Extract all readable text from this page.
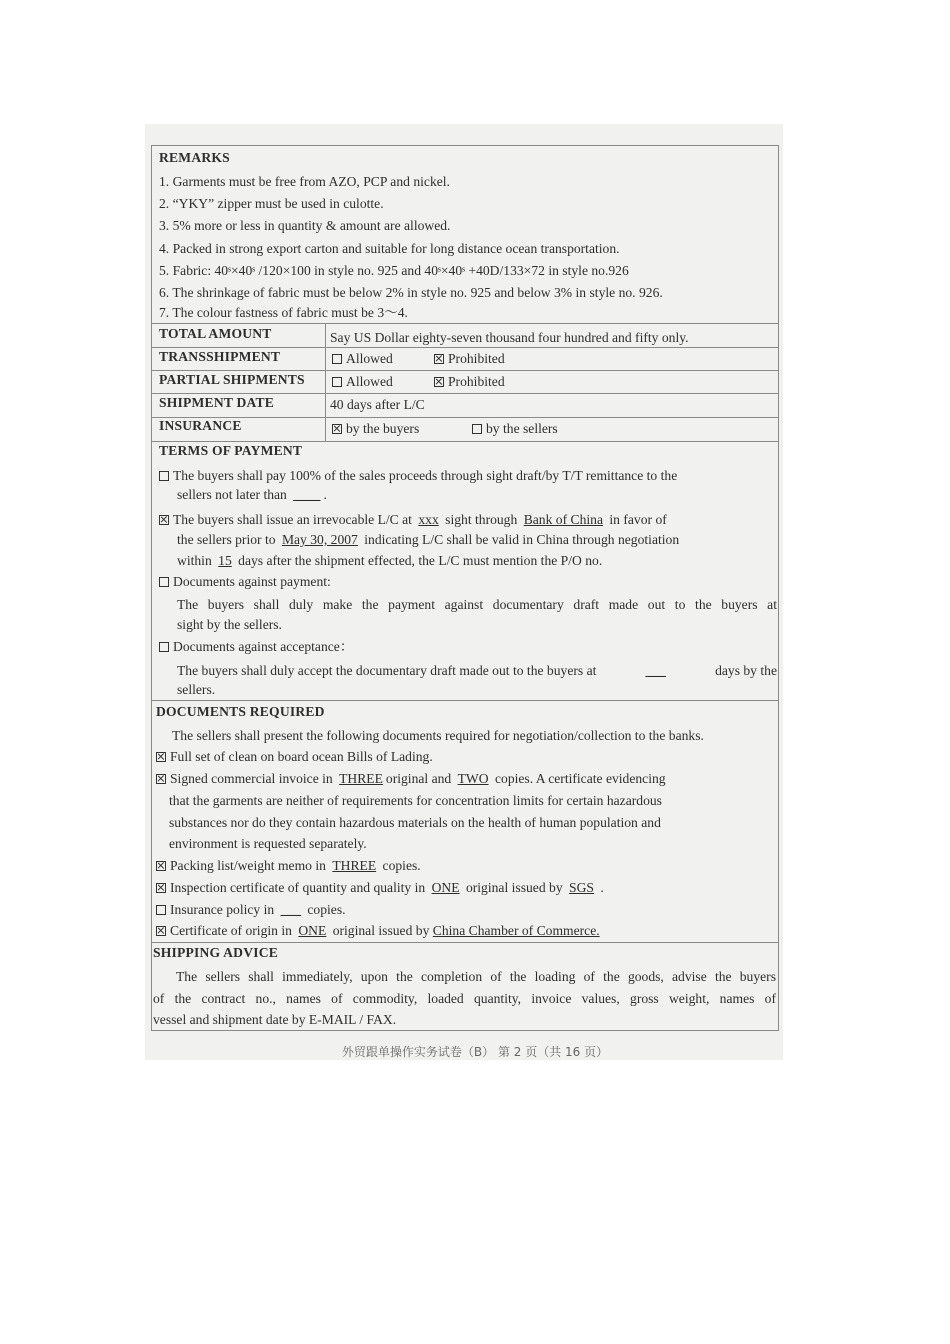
REMARKS
1. Garments must be free from AZO, PCP and nickel.
2. “YKY” zipper must be used in culotte.
3. 5% more or less in quantity & amount are allowed.
4. Packed in strong export carton and suitable for long distance ocean transportation.
5. Fabric: 40ˢ×40ˢ /120×100 in style no. 925 and 40ˢ×40ˢ +40D/133×72 in style no.926
6. The shrinkage of fabric must be below 2% in style no. 925 and below 3% in style no. 926.
7. The colour fastness of fabric must be 3～4.
TOTAL AMOUNT	Say US Dollar eighty-seven thousand four hundred and fifty only.
TRANSSHIPMENT	Allowed	Prohibited
PARTIAL SHIPMENTS	Allowed	Prohibited
SHIPMENT DATE	40 days after L/C
INSURANCE	by the buyers	by the sellers
TERMS OF PAYMENT
The buyers shall pay 100% of the sales proceeds through sight draft/by T/T remittance to the
sellers not later than ____ .
The buyers shall issue an irrevocable L/C at xxx sight through Bank of China in favor of
the sellers prior to May 30, 2007 indicating L/C shall be valid in China through negotiation
within 15 days after the shipment effected, the L/C must mention the P/O no.
Documents against payment:
The buyers shall duly make the payment against documentary draft made out to the buyers at
sight by the sellers.
Documents against acceptance：
The buyers shall duly accept the documentary draft made out to the buyers at	___	days by the
sellers.
DOCUMENTS REQUIRED
The sellers shall present the following documents required for negotiation/collection to the banks.
Full set of clean on board ocean Bills of Lading.
Signed commercial invoice in THREE original and TWO copies. A certificate evidencing
that the garments are neither of requirements for concentration limits for certain hazardous
substances nor do they contain hazardous materials on the health of human population and
environment is requested separately.
Packing list/weight memo in THREE copies.
Inspection certificate of quantity and quality in ONE original issued by SGS .
Insurance policy in ___ copies.
Certificate of origin in ONE original issued by China Chamber of Commerce.
SHIPPING ADVICE
The sellers shall immediately, upon the completion of the loading of the goods, advise the buyers
of the contract no., names of commodity, loaded quantity, invoice values, gross weight, names of
vessel and shipment date by E-MAIL / FAX.
外贸跟单操作实务试卷（B） 第 2 页（共 16 页）
